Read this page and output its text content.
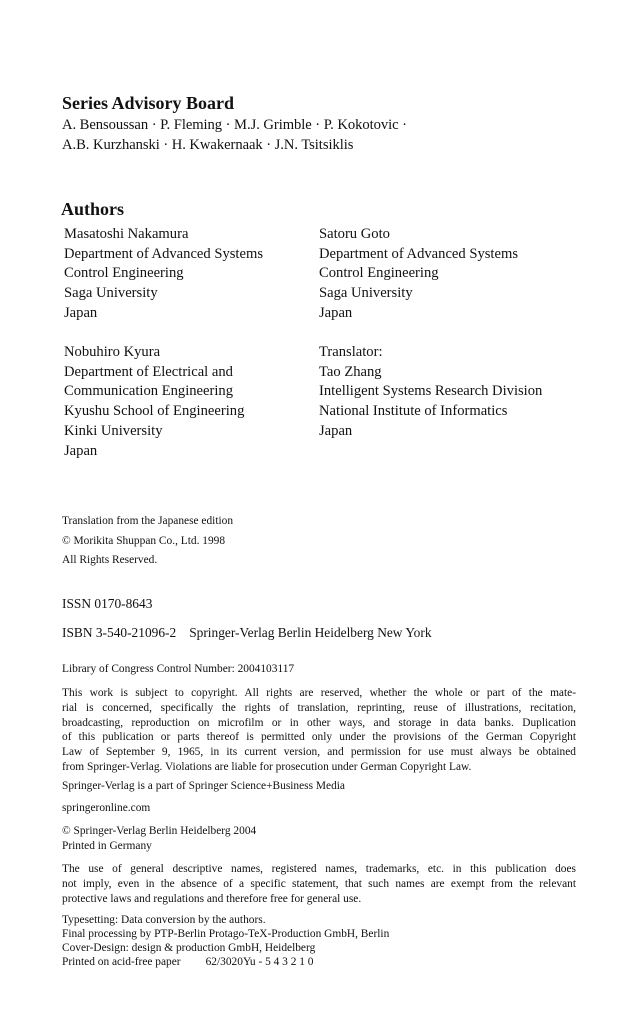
Series Advisory Board
A. Bensoussan · P. Fleming · M.J. Grimble · P. Kokotovic ·
A.B. Kurzhanski · H. Kwakernaak · J.N. Tsitsiklis
Authors
Masatoshi Nakamura
Department of Advanced Systems
Control Engineering
Saga University
Japan
Satoru Goto
Department of Advanced Systems
Control Engineering
Saga University
Japan
Nobuhiro Kyura
Department of Electrical and
Communication Engineering
Kyushu School of Engineering
Kinki University
Japan
Translator:
Tao Zhang
Intelligent Systems Research Division
National Institute of Informatics
Japan
Translation from the Japanese edition
© Morikita Shuppan Co., Ltd. 1998
All Rights Reserved.
ISSN 0170-8643
ISBN 3-540-21096-2 Springer-Verlag Berlin Heidelberg New York
Library of Congress Control Number: 2004103117
This work is subject to copyright. All rights are reserved, whether the whole or part of the mate-
rial is concerned, specifically the rights of translation, reprinting, reuse of illustrations, recitation,
broadcasting, reproduction on microfilm or in other ways, and storage in data banks. Duplication
of this publication or parts thereof is permitted only under the provisions of the German Copyright
Law of September 9, 1965, in its current version, and permission for use must always be obtained
from Springer-Verlag. Violations are liable for prosecution under German Copyright Law.
Springer-Verlag is a part of Springer Science+Business Media
springeronline.com
© Springer-Verlag Berlin Heidelberg 2004
Printed in Germany
The use of general descriptive names, registered names, trademarks, etc. in this publication does
not imply, even in the absence of a specific statement, that such names are exempt from the relevant
protective laws and regulations and therefore free for general use.
Typesetting: Data conversion by the authors.
Final processing by PTP-Berlin Protago-TeX-Production GmbH, Berlin
Cover-Design: design & production GmbH, Heidelberg
Printed on acid-free paper 62/3020Yu - 5 4 3 2 1 0
